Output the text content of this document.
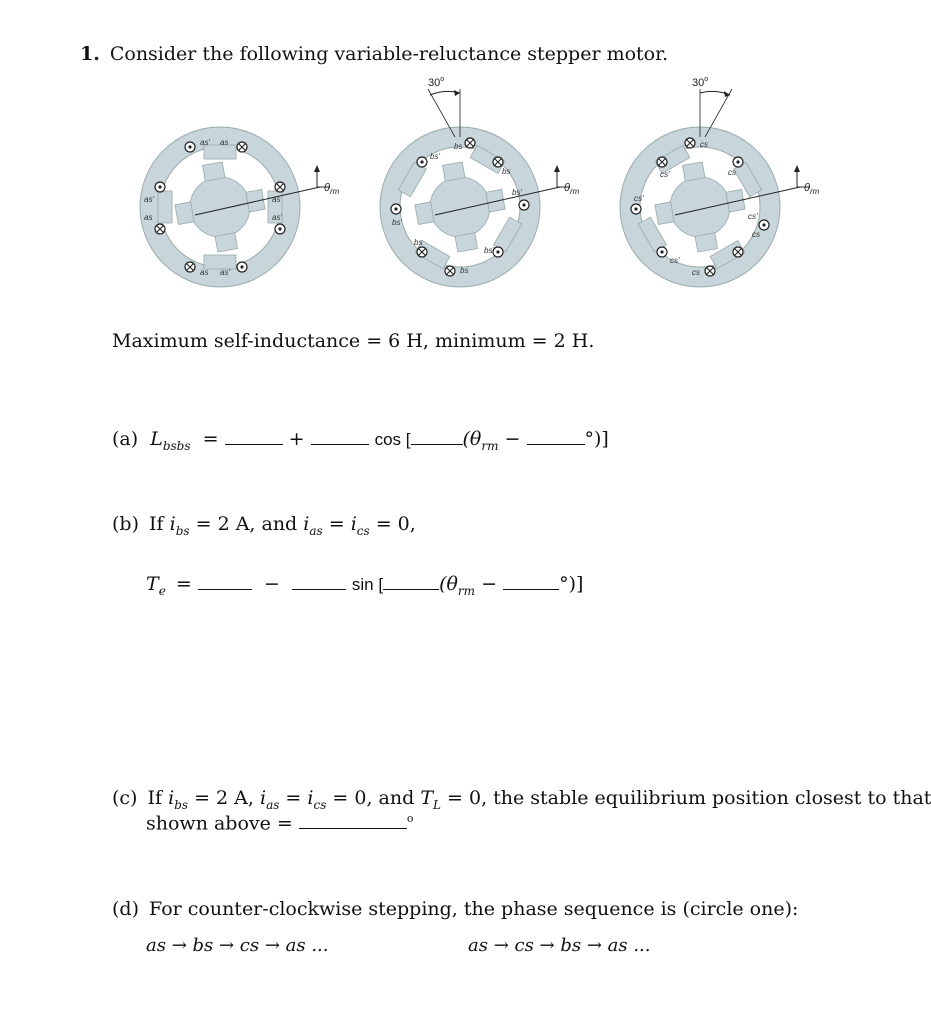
1. Consider the following variable-reluctance stepper motor.
as' as
as as'
as'
as
as
as'
$\theta_{rm}$
30$^o$
bs
bs'
bs
bs'
bs
bs'
bs
bs'
$\theta_{rm}$
30$^o$
cs
cs'	cs
cs'
cs
cs'
cs
cs'
$\theta_{rm}$
Maximum self-inductance = 6 H, minimum = 2 H.
(a) $L_{bsbs}$ =	+	cos [	($\theta_{rm}$ −	°)]
(b) If $i_{bs} = 2$ A, and $i_{as} = i_{cs} = 0$,
$T_e$ =	−	sin [	($\theta_{rm}$ −	°)]
(c) If $i_{bs} = 2$ A, $i_{as} = i_{cs} = 0$, and $T_L = 0$, the stable equilibrium position closest to that
shown above =	$^o$
(d) For counter-clockwise stepping, the phase sequence is (circle one):
as → bs → cs → as ...	as → cs → bs → as ...
